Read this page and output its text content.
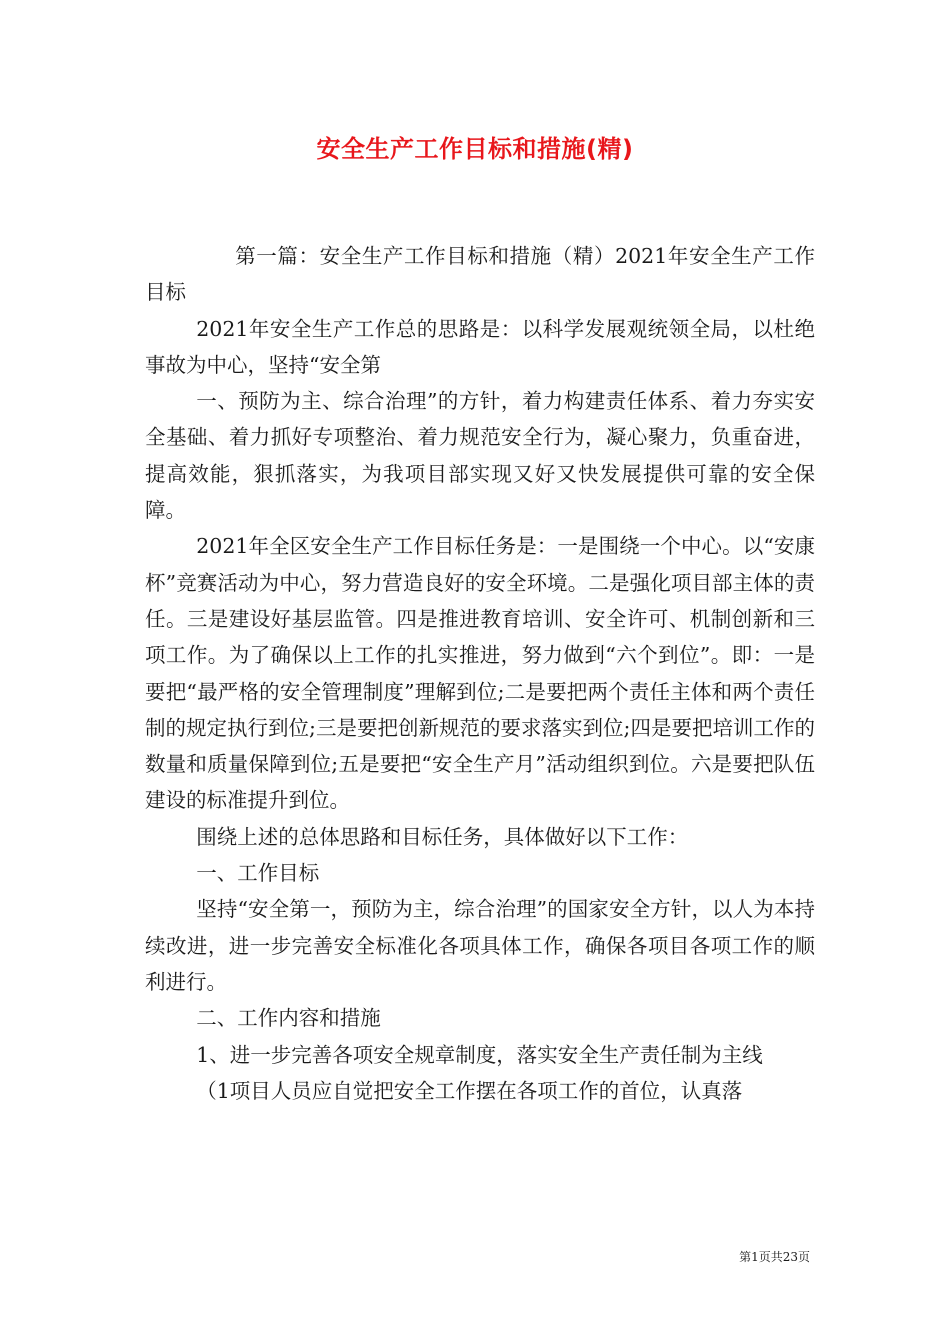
安全生产工作目标和措施(精)

第一篇：安全生产工作目标和措施（精）2021年安全生产工作目标

2021年安全生产工作总的思路是：以科学发展观统领全局，以杜绝事故为中心，坚持“安全第

一、预防为主、综合治理”的方针，着力构建责任体系、着力夯实安全基础、着力抓好专项整治、着力规范安全行为，凝心聚力，负重奋进，提高效能，狠抓落实，为我项目部实现又好又快发展提供可靠的安全保障。

2021年全区安全生产工作目标任务是：一是围绕一个中心。以“安康杯”竞赛活动为中心，努力营造良好的安全环境。二是强化项目部主体的责任。三是建设好基层监管。四是推进教育培训、安全许可、机制创新和三项工作。为了确保以上工作的扎实推进，努力做到“六个到位”。即：一是要把“最严格的安全管理制度”理解到位;二是要把两个责任主体和两个责任制的规定执行到位;三是要把创新规范的要求落实到位;四是要把培训工作的数量和质量保障到位;五是要把“安全生产月”活动组织到位。六是要把队伍建设的标准提升到位。

围绕上述的总体思路和目标任务，具体做好以下工作：

一、工作目标

坚持“安全第一，预防为主，综合治理”的国家安全方针，以人为本持续改进，进一步完善安全标准化各项具体工作，确保各项目各项工作的顺利进行。

二、工作内容和措施

1、进一步完善各项安全规章制度，落实安全生产责任制为主线

（1项目人员应自觉把安全工作摆在各项工作的首位，认真落

第1页共23页
